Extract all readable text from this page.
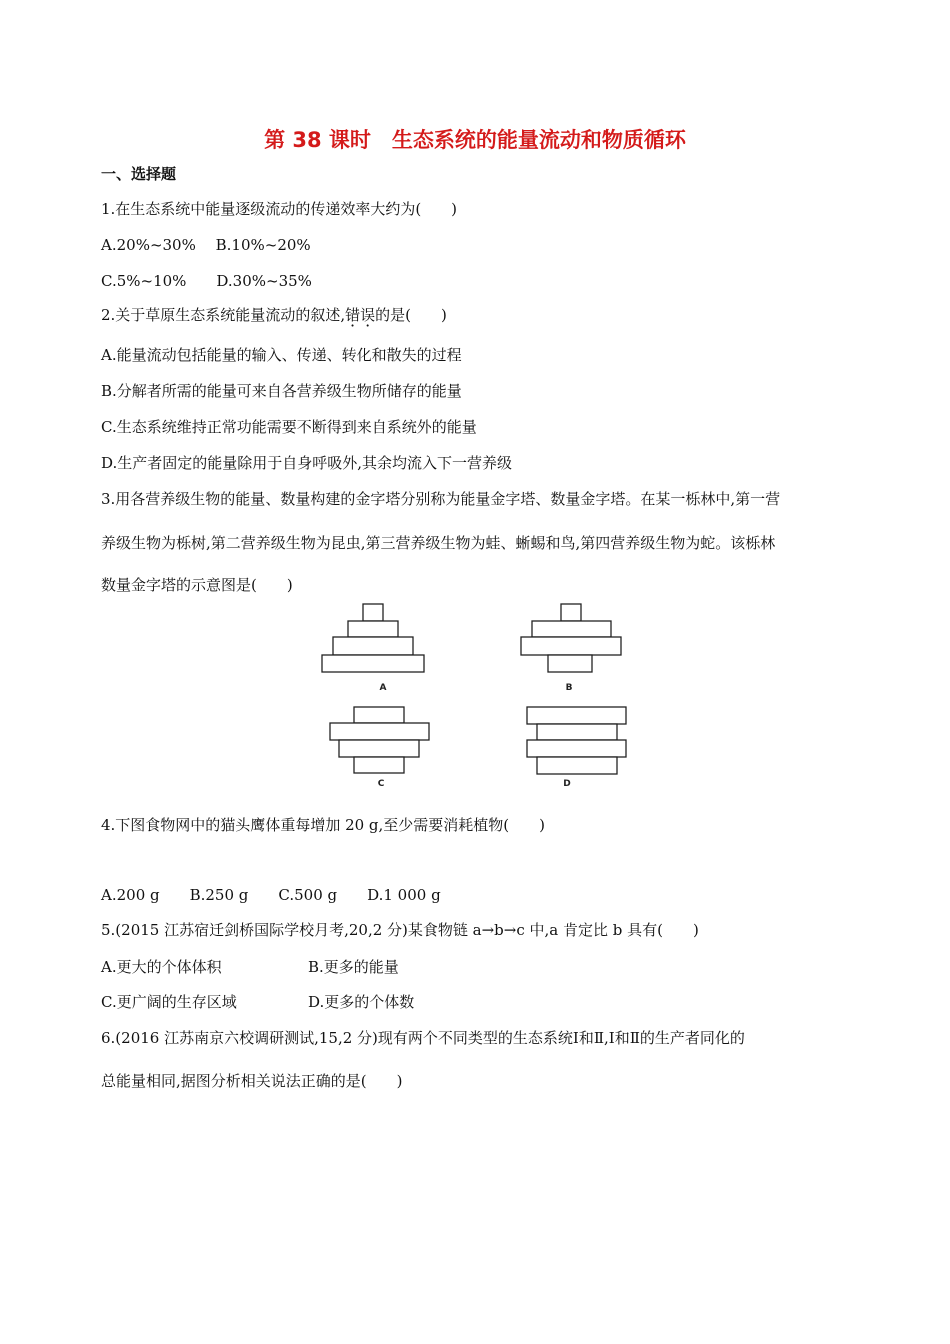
第 38 课时　生态系统的能量流动和物质循环
一、选择题
1.在生态系统中能量逐级流动的传递效率大约为(　　)
A.20%~30%　 B.10%~20%
C.5%~10%　　D.30%~35%
2.关于草原生态系统能量流动的叙述,错误的是(　　)
A.能量流动包括能量的输入、传递、转化和散失的过程
B.分解者所需的能量可来自各营养级生物所储存的能量
C.生态系统维持正常功能需要不断得到来自系统外的能量
D.生产者固定的能量除用于自身呼吸外,其余均流入下一营养级
3.用各营养级生物的能量、数量构建的金字塔分别称为能量金字塔、数量金字塔。在某一栎林中,第一营
养级生物为栎树,第二营养级生物为昆虫,第三营养级生物为蛙、蜥蜴和鸟,第四营养级生物为蛇。该栎林
数量金字塔的示意图是(　　)
A	B
C	D
4.下图食物网中的猫头鹰体重每增加 20 g,至少需要消耗植物(　　)
A.200 g　　B.250 g　　C.500 g　　D.1 000 g
5.(2015 江苏宿迁剑桥国际学校月考,20,2 分)某食物链 a→b→c 中,a 肯定比 b 具有(　　)
A.更大的个体体积	B.更多的能量
C.更广阔的生存区域	D.更多的个体数
6.(2016 江苏南京六校调研测试,15,2 分)现有两个不同类型的生态系统Ⅰ和Ⅱ,Ⅰ和Ⅱ的生产者同化的
总能量相同,据图分析相关说法正确的是(　　)
